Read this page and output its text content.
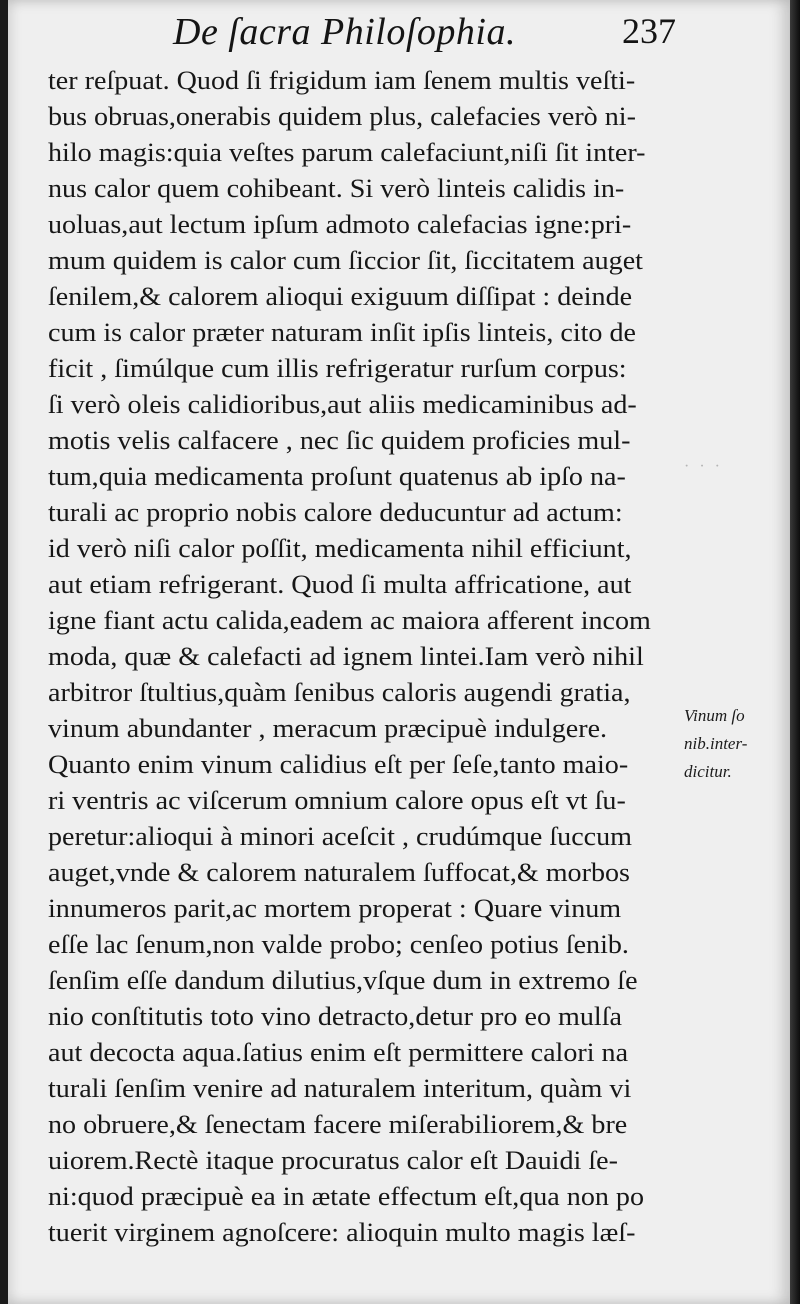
De ſacra Philoſophia.	237
ter reſpuat. Quod ſi frigidum iam ſenem multis veſti-
bus obruas,onerabis quidem plus, calefacies verò ni-
hilo magis:quia veſtes parum calefaciunt,niſi ſit inter-
nus calor quem cohibeant. Si verò linteis calidis in-
uoluas,aut lectum ipſum admoto calefacias igne:pri-
mum quidem is calor cum ſiccior ſit, ſiccitatem auget
ſenilem,& calorem alioqui exiguum diſſipat : deinde
cum is calor præter naturam inſit ipſis linteis, cito de
ficit , ſimúlque cum illis refrigeratur rurſum corpus:
ſi verò oleis calidioribus,aut aliis medicaminibus ad-
motis velis calfacere , nec ſic quidem proficies mul-
tum,quia medicamenta proſunt quatenus ab ipſo na-
turali ac proprio nobis calore deducuntur ad actum:
id verò niſi calor poſſit, medicamenta nihil efficiunt,
aut etiam refrigerant. Quod ſi multa affricatione, aut
igne fiant actu calida,eadem ac maiora afferent incom
moda, quæ & calefacti ad ignem lintei.Iam verò nihil
arbitror ſtultius,quàm ſenibus caloris augendi gratia,
vinum abundanter , meracum præcipuè indulgere.
Quanto enim vinum calidius eſt per ſeſe,tanto maio-
ri ventris ac viſcerum omnium calore opus eſt vt ſu-
peretur:alioqui à minori aceſcit , crudúmque ſuccum
auget,vnde & calorem naturalem ſuffocat,& morbos
innumeros parit,ac mortem properat : Quare vinum
eſſe lac ſenum,non valde probo; cenſeo potius ſenib.
ſenſim eſſe dandum dilutius,vſque dum in extremo ſe
nio conſtitutis toto vino detracto,detur pro eo mulſa
aut decocta aqua.ſatius enim eſt permittere calori na
turali ſenſim venire ad naturalem interitum, quàm vi
no obruere,& ſenectam facere miſerabiliorem,& bre
uiorem.Rectè itaque procuratus calor eſt Dauidi ſe-
ni:quod præcipuè ea in ætate effectum eſt,qua non po
tuerit virginem agnoſcere: alioquin multo magis læſ-
· · ·
Vinum ſo
nib.inter-
dicitur.
